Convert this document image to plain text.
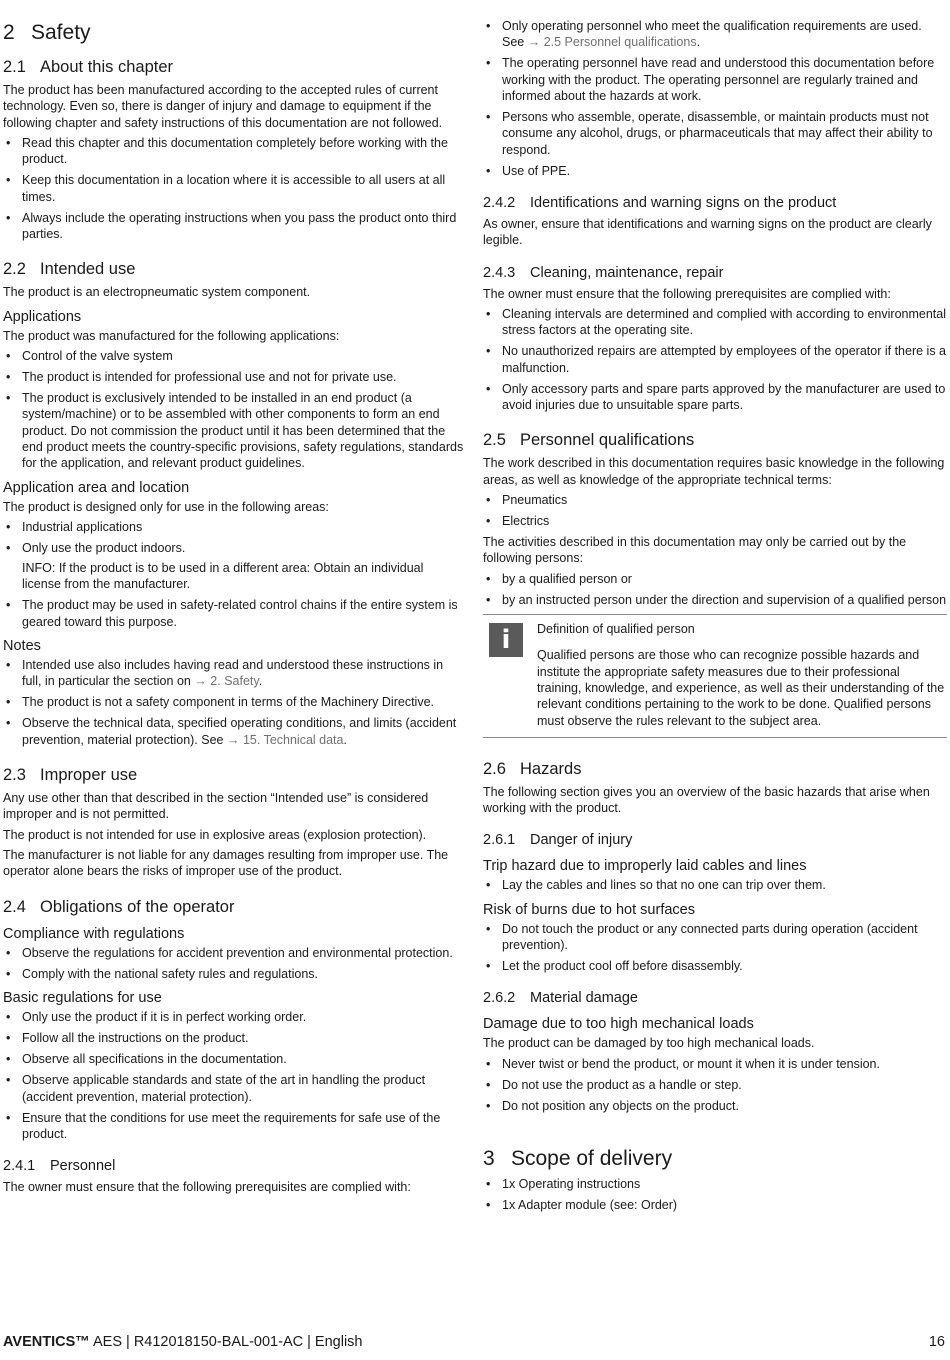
2 Safety
2.1 About this chapter

The product has been manufactured according to the accepted rules of current technology. Even so, there is danger of injury and damage to equipment if the following chapter and safety instructions of this documentation are not followed.

• Read this chapter and this documentation completely before working with the product.
• Keep this documentation in a location where it is accessible to all users at all times.
• Always include the operating instructions when you pass the product onto third parties.
2.2 Intended use

The product is an electropneumatic system component.

Applications

The product was manufactured for the following applications:

• Control of the valve system
• The product is intended for professional use and not for private use.
• The product is exclusively intended to be installed in an end product (a system/machine) or to be assembled with other components to form an end product. Do not commission the product until it has been determined that the end product meets the country-specific provisions, safety regulations, standards for the application, and relevant product guidelines.
Application area and location

The product is designed only for use in the following areas:

• Industrial applications
• Only use the product indoors.
INFO: If the product is to be used in a different area: Obtain an individual license from the manufacturer.
• The product may be used in safety-related control chains if the entire system is geared toward this purpose.
Notes
• Intended use also includes having read and understood these instructions in full, in particular the section on → 2. Safety.
• The product is not a safety component in terms of the Machinery Directive.
• Observe the technical data, specified operating conditions, and limits (accident prevention, material protection). See → 15. Technical data.
2.3 Improper use

Any use other than that described in the section “Intended use” is considered improper and is not permitted.

The product is not intended for use in explosive areas (explosion protection).

The manufacturer is not liable for any damages resulting from improper use. The operator alone bears the risks of improper use of the product.

2.4 Obligations of the operator
Compliance with regulations
• Observe the regulations for accident prevention and environmental protection.
• Comply with the national safety rules and regulations.
Basic regulations for use
• Only use the product if it is in perfect working order.
• Follow all the instructions on the product.
• Observe all specifications in the documentation.
• Observe applicable standards and state of the art in handling the product (accident prevention, material protection).
• Ensure that the conditions for use meet the requirements for safe use of the product.
2.4.1 Personnel

The owner must ensure that the following prerequisites are complied with:

• Only operating personnel who meet the qualification requirements are used. See → 2.5 Personnel qualifications.
• The operating personnel have read and understood this documentation before working with the product. The operating personnel are regularly trained and informed about the hazards at work.
• Persons who assemble, operate, disassemble, or maintain products must not consume any alcohol, drugs, or pharmaceuticals that may affect their ability to respond.
• Use of PPE.
2.4.2 Identifications and warning signs on the product

As owner, ensure that identifications and warning signs on the product are clearly legible.

2.4.3 Cleaning, maintenance, repair

The owner must ensure that the following prerequisites are complied with:

• Cleaning intervals are determined and complied with according to environmental stress factors at the operating site.
• No unauthorized repairs are attempted by employees of the operator if there is a malfunction.
• Only accessory parts and spare parts approved by the manufacturer are used to avoid injuries due to unsuitable spare parts.
2.5 Personnel qualifications

The work described in this documentation requires basic knowledge in the following areas, as well as knowledge of the appropriate technical terms:

• Pneumatics
• Electrics

The activities described in this documentation may only be carried out by the following persons:

• by a qualified person or
• by an instructed person under the direction and supervision of a qualified person
i	Definition of qualified person
Qualified persons are those who can recognize possible hazards and institute the appropriate safety measures due to their professional training, knowledge, and experience, as well as their understanding of the relevant conditions pertaining to the work to be done. Qualified persons must observe the rules relevant to the subject area.
2.6 Hazards

The following section gives you an overview of the basic hazards that arise when working with the product.

2.6.1 Danger of injury
Trip hazard due to improperly laid cables and lines
• Lay the cables and lines so that no one can trip over them.
Risk of burns due to hot surfaces
• Do not touch the product or any connected parts during operation (accident prevention).
• Let the product cool off before disassembly.
2.6.2 Material damage
Damage due to too high mechanical loads

The product can be damaged by too high mechanical loads.

• Never twist or bend the product, or mount it when it is under tension.
• Do not use the product as a handle or step.
• Do not position any objects on the product.
3 Scope of delivery
• 1x Operating instructions
• 1x Adapter module (see: Order)
AVENTICS™ AES | R412018150-BAL-001-AC | English	16
